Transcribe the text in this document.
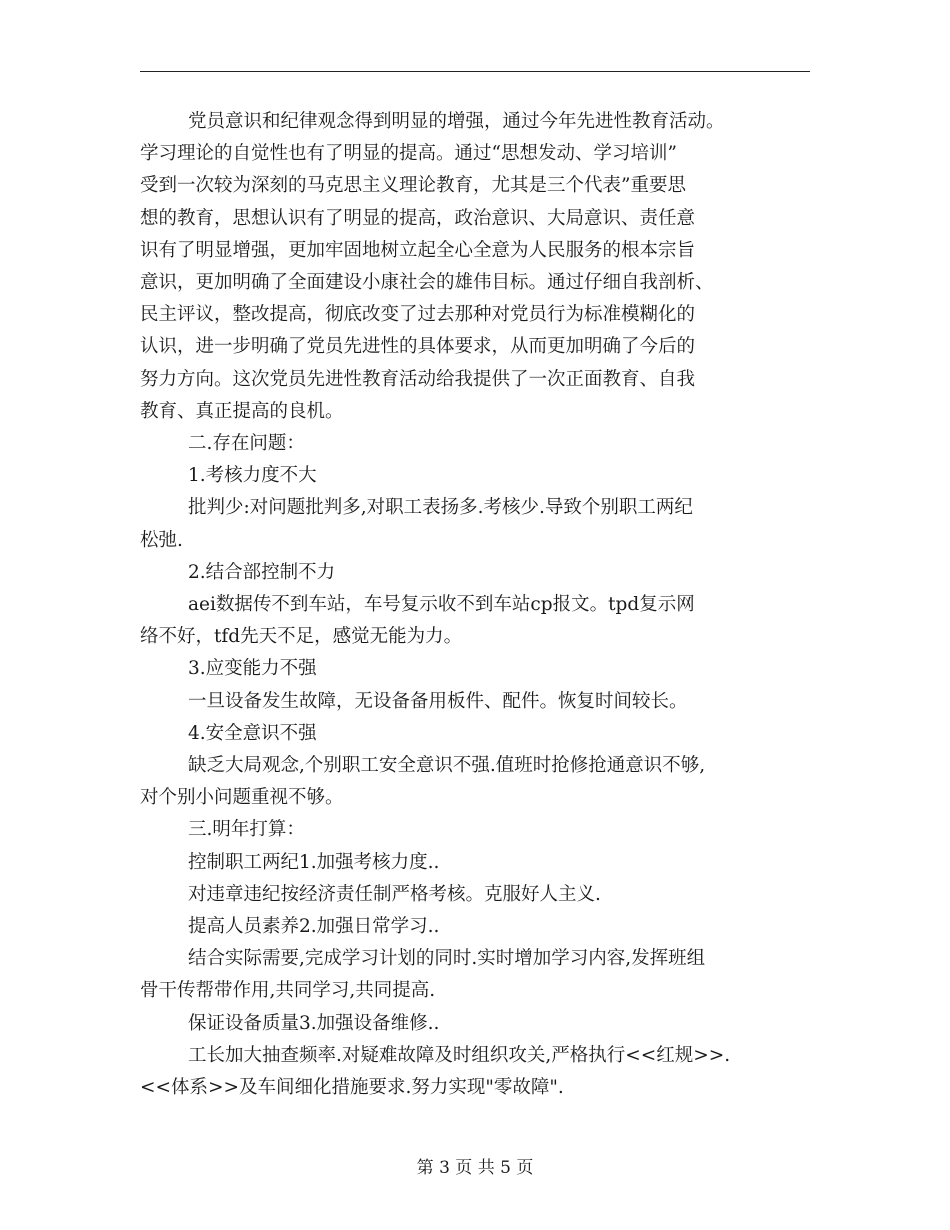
党员意识和纪律观念得到明显的增强，通过今年先进性教育活动。

学习理论的自觉性也有了明显的提高。通过“思想发动、学习培训”

受到一次较为深刻的马克思主义理论教育，尤其是三个代表”重要思

想的教育，思想认识有了明显的提高，政治意识、大局意识、责任意

识有了明显增强，更加牢固地树立起全心全意为人民服务的根本宗旨

意识，更加明确了全面建设小康社会的雄伟目标。通过仔细自我剖析、

民主评议，整改提高，彻底改变了过去那种对党员行为标准模糊化的

认识，进一步明确了党员先进性的具体要求，从而更加明确了今后的

努力方向。这次党员先进性教育活动给我提供了一次正面教育、自我

教育、真正提高的良机。

二.存在问题：

1.考核力度不大

批判少:对问题批判多,对职工表扬多.考核少.导致个别职工两纪

松弛.

2.结合部控制不力

aei数据传不到车站，车号复示收不到车站cp报文。tpd复示网

络不好，tfd先天不足，感觉无能为力。

3.应变能力不强

一旦设备发生故障，无设备备用板件、配件。恢复时间较长。

4.安全意识不强

缺乏大局观念,个别职工安全意识不强.值班时抢修抢通意识不够,

对个别小问题重视不够。

三.明年打算：

控制职工两纪1.加强考核力度..

对违章违纪按经济责任制严格考核。克服好人主义.

提高人员素养2.加强日常学习..

结合实际需要,完成学习计划的同时.实时增加学习内容,发挥班组

骨干传帮带作用,共同学习,共同提高.

保证设备质量3.加强设备维修..

工长加大抽查频率.对疑难故障及时组织攻关,严格执行<<红规>>.

<<体系>>及车间细化措施要求.努力实现"零故障".

第 3 页 共 5 页
